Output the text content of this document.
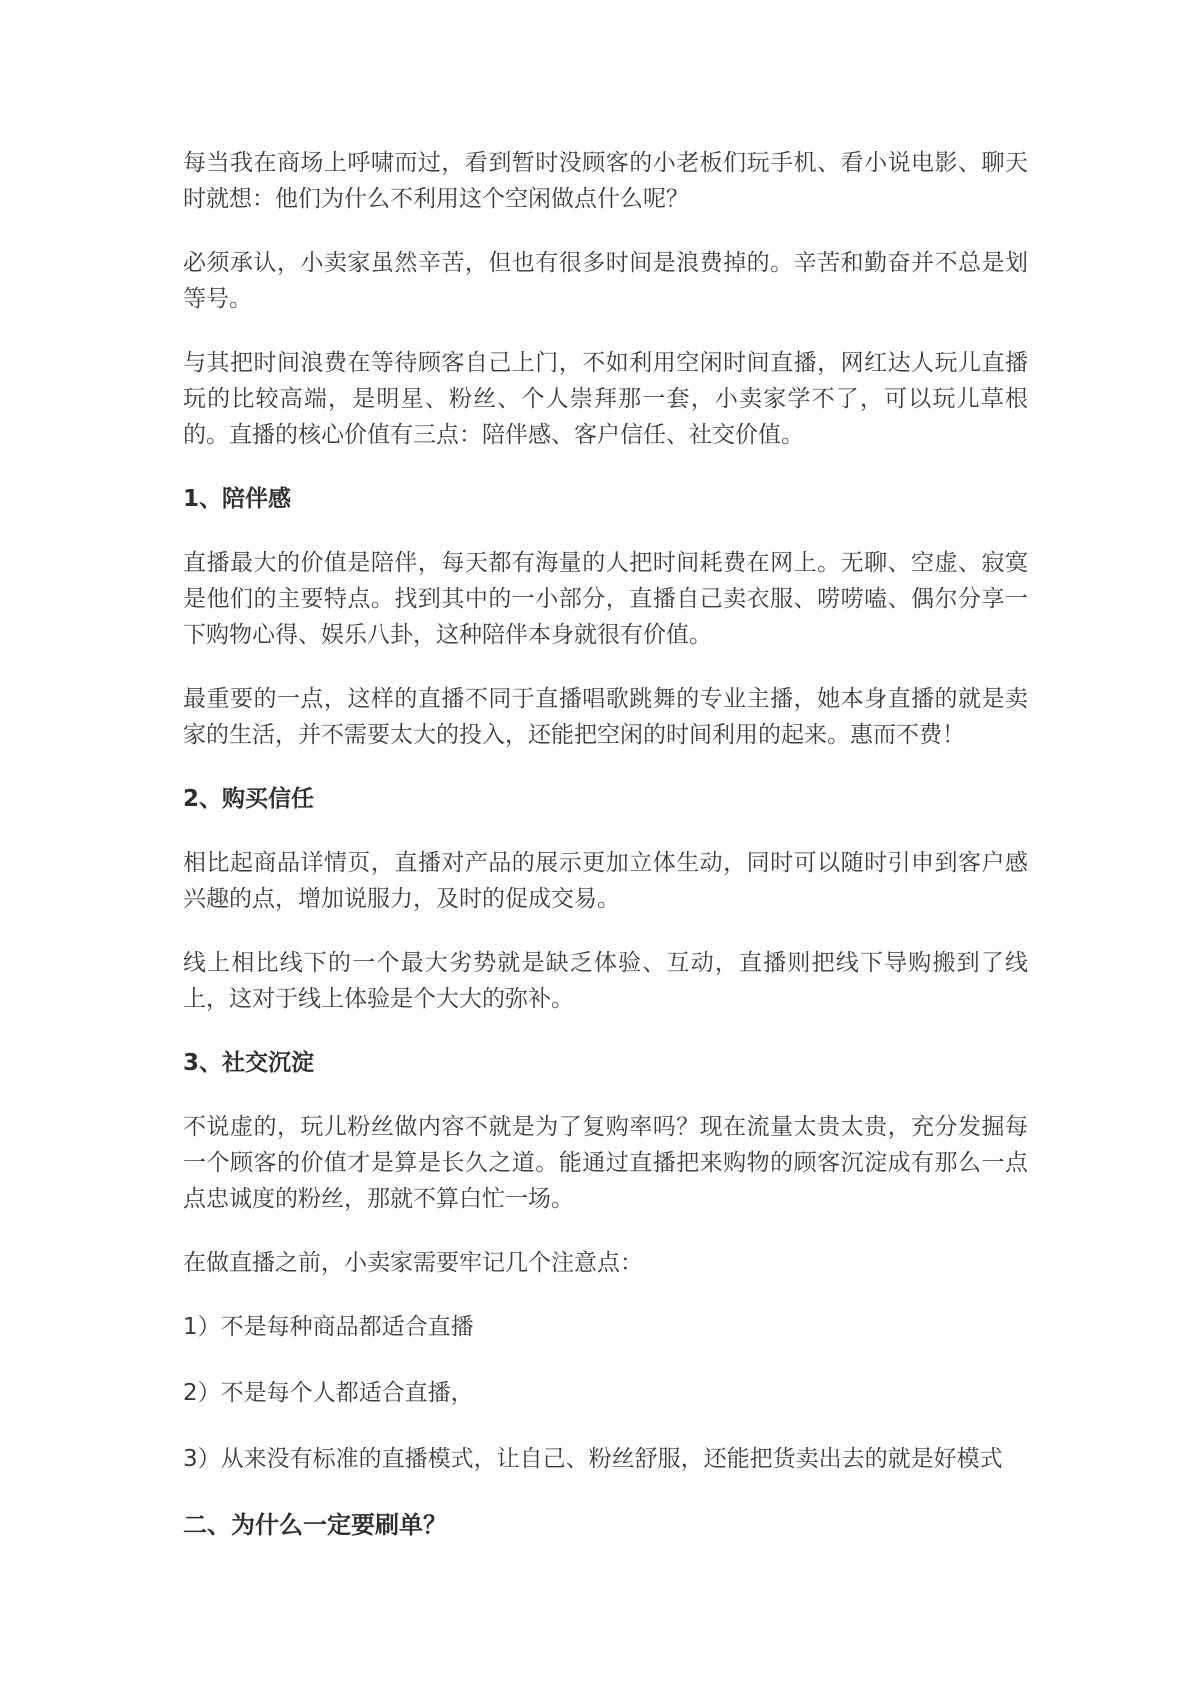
每当我在商场上呼啸而过，看到暂时没顾客的小老板们玩手机、看小说电影、聊天时就想：他们为什么不利用这个空闲做点什么呢？

必须承认，小卖家虽然辛苦，但也有很多时间是浪费掉的。辛苦和勤奋并不总是划等号。

与其把时间浪费在等待顾客自己上门，不如利用空闲时间直播，网红达人玩儿直播玩的比较高端，是明星、粉丝、个人崇拜那一套，小卖家学不了，可以玩儿草根的。直播的核心价值有三点：陪伴感、客户信任、社交价值。

1、陪伴感

直播最大的价值是陪伴，每天都有海量的人把时间耗费在网上。无聊、空虚、寂寞是他们的主要特点。找到其中的一小部分，直播自己卖衣服、唠唠嗑、偶尔分享一下购物心得、娱乐八卦，这种陪伴本身就很有价值。

最重要的一点，这样的直播不同于直播唱歌跳舞的专业主播，她本身直播的就是卖家的生活，并不需要太大的投入，还能把空闲的时间利用的起来。惠而不费！

2、购买信任

相比起商品详情页，直播对产品的展示更加立体生动，同时可以随时引申到客户感兴趣的点，增加说服力，及时的促成交易。

线上相比线下的一个最大劣势就是缺乏体验、互动，直播则把线下导购搬到了线上，这对于线上体验是个大大的弥补。

3、社交沉淀

不说虚的，玩儿粉丝做内容不就是为了复购率吗？现在流量太贵太贵，充分发掘每一个顾客的价值才是算是长久之道。能通过直播把来购物的顾客沉淀成有那么一点点忠诚度的粉丝，那就不算白忙一场。

在做直播之前，小卖家需要牢记几个注意点：

1）不是每种商品都适合直播

2）不是每个人都适合直播，

3）从来没有标准的直播模式，让自己、粉丝舒服，还能把货卖出去的就是好模式

二、为什么一定要刷单？
